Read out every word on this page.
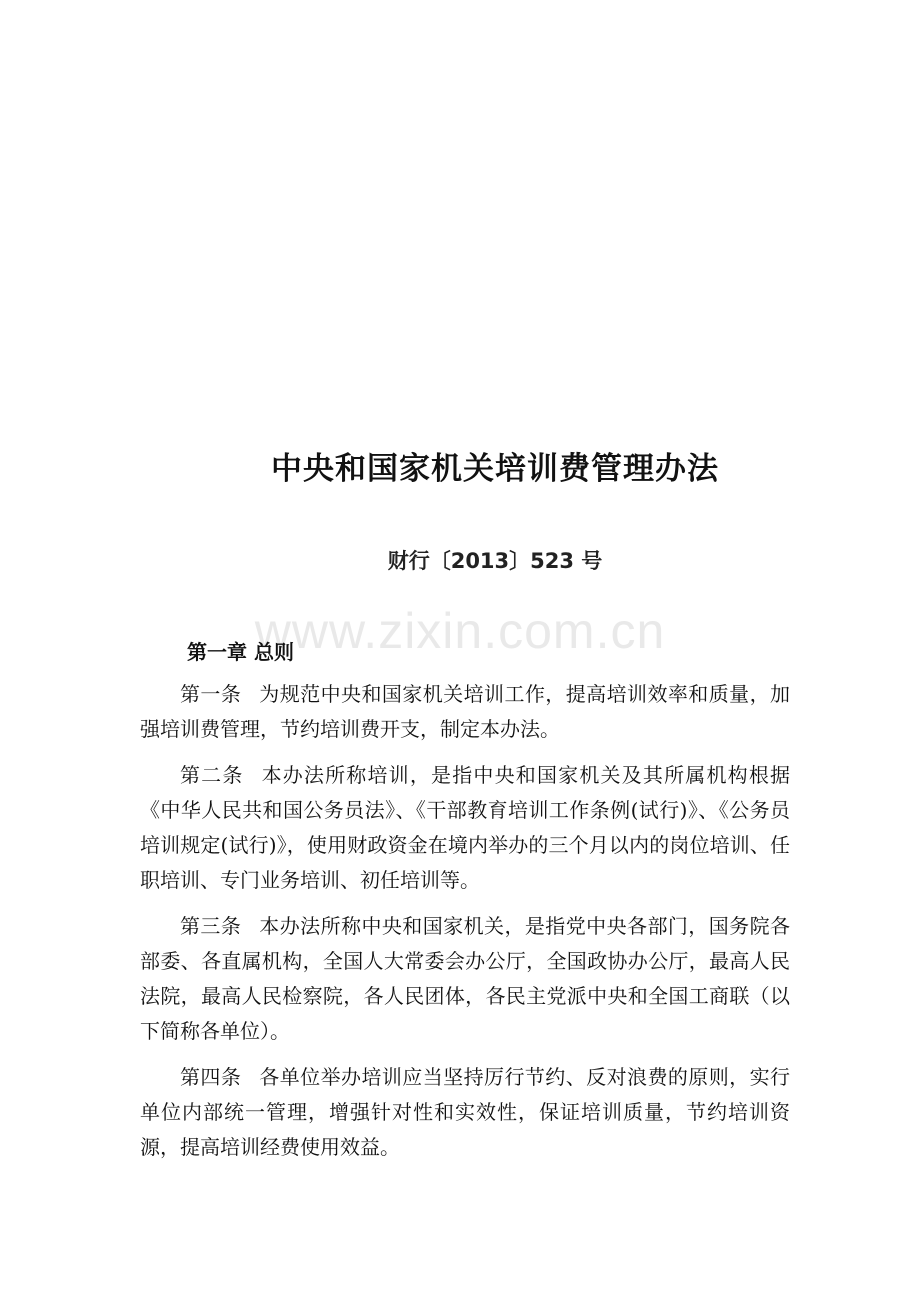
www.zixin.com.cn
中央和国家机关培训费管理办法
财行〔2013〕523 号
第一章 总则

第一条 为规范中央和国家机关培训工作，提高培训效率和质量，加强培训费管理，节约培训费开支，制定本办法。

第二条 本办法所称培训，是指中央和国家机关及其所属机构根据《中华人民共和国公务员法》、《干部教育培训工作条例(试行)》、《公务员培训规定(试行)》，使用财政资金在境内举办的三个月以内的岗位培训、任职培训、专门业务培训、初任培训等。

第三条 本办法所称中央和国家机关，是指党中央各部门，国务院各部委、各直属机构，全国人大常委会办公厅，全国政协办公厅，最高人民法院，最高人民检察院，各人民团体，各民主党派中央和全国工商联（以下简称各单位）。

第四条 各单位举办培训应当坚持厉行节约、反对浪费的原则，实行单位内部统一管理，增强针对性和实效性，保证培训质量，节约培训资源，提高培训经费使用效益。
